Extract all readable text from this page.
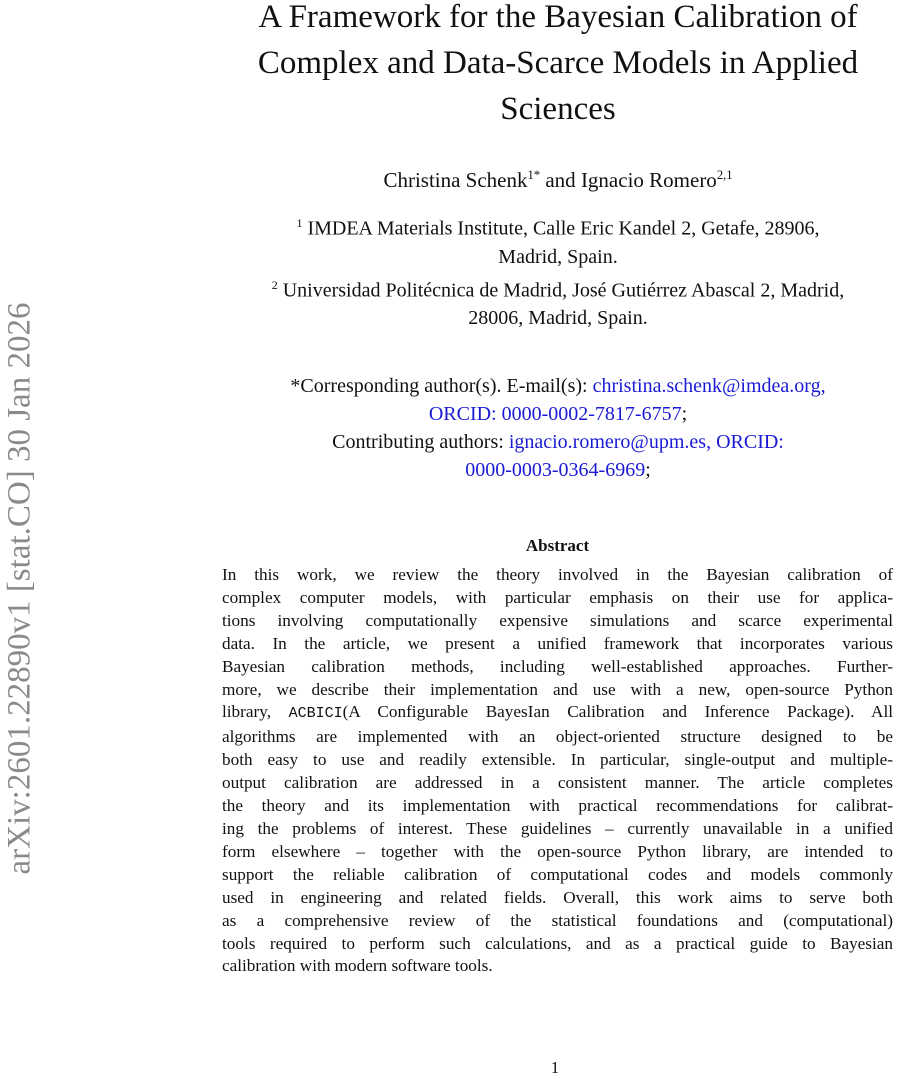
arXiv:2601.22890v1 [stat.CO] 30 Jan 2026
A Framework for the Bayesian Calibration of
Complex and Data-Scarce Models in Applied
Sciences
Christina Schenk$^{1*}$ and Ignacio Romero$^{2,1}$
$^1$ IMDEA Materials Institute, Calle Eric Kandel 2, Getafe, 28906,
Madrid, Spain.
$^2$ Universidad Politécnica de Madrid, José Gutiérrez Abascal 2, Madrid,
28006, Madrid, Spain.
*Corresponding author(s). E-mail(s): christina.schenk@imdea.org,
ORCID: 0000-0002-7817-6757;
Contributing authors: ignacio.romero@upm.es, ORCID:
0000-0003-0364-6969;
Abstract
In this work, we review the theory involved in the Bayesian calibration of
complex computer models, with particular emphasis on their use for applica-
tions involving computationally expensive simulations and scarce experimental
data. In the article, we present a unified framework that incorporates various
Bayesian calibration methods, including well-established approaches. Further-
more, we describe their implementation and use with a new, open-source Python
library, ACBICI(A Configurable BayesIan Calibration and Inference Package). All
algorithms are implemented with an object-oriented structure designed to be
both easy to use and readily extensible. In particular, single-output and multiple-
output calibration are addressed in a consistent manner. The article completes
the theory and its implementation with practical recommendations for calibrat-
ing the problems of interest. These guidelines – currently unavailable in a unified
form elsewhere – together with the open-source Python library, are intended to
support the reliable calibration of computational codes and models commonly
used in engineering and related fields. Overall, this work aims to serve both
as a comprehensive review of the statistical foundations and (computational)
tools required to perform such calculations, and as a practical guide to Bayesian
calibration with modern software tools.
1
